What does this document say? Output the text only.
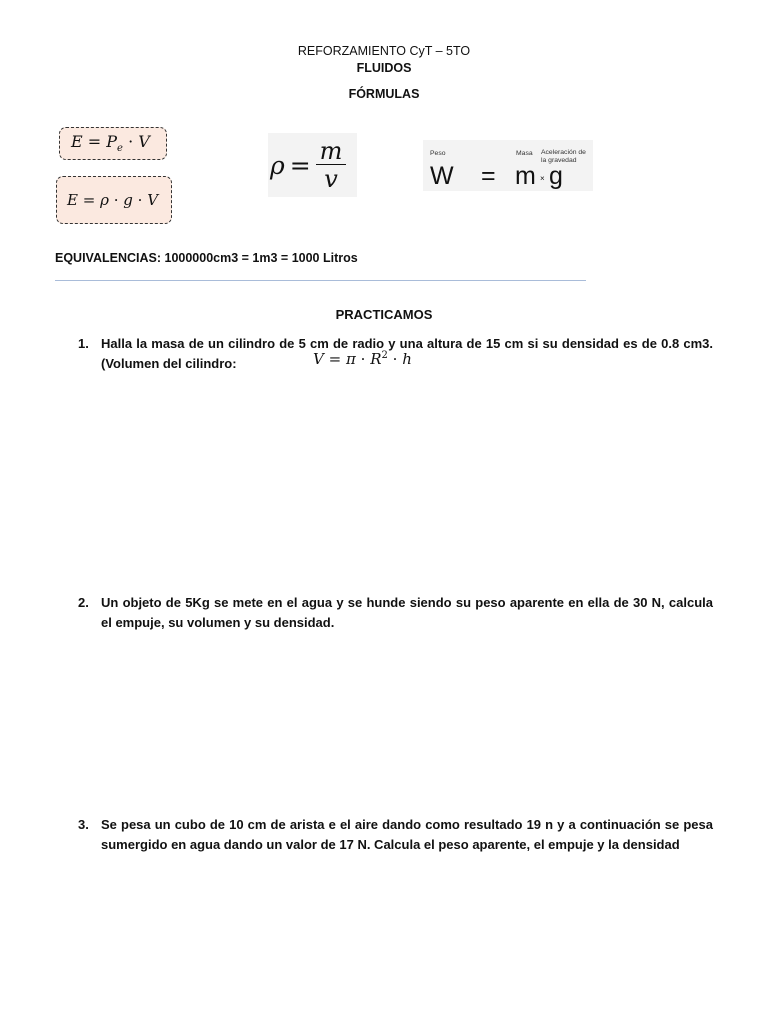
REFORZAMIENTO CyT – 5TO
FLUIDOS
FÓRMULAS
$E = P_e \cdot V$
E = ρ · g · V
$\rho = \frac{m}{v}$	Peso	Masa Aceleración de la gravedad
W = m × g
EQUIVALENCIAS: 1000000cm3 = 1m3 = 1000 Litros
PRACTICAMOS
1. Halla la masa de un cilindro de 5 cm de radio y una altura de 15 cm si su densidad es de 0.8 cm3. (Volumen del cilindro:	$V = \pi \cdot R^2 \cdot h$
2. Un objeto de 5Kg se mete en el agua y se hunde siendo su peso aparente en ella de 30 N, calcula el empuje, su volumen y su densidad.
3. Se pesa un cubo de 10 cm de arista e el aire dando como resultado 19 n y a continuación se pesa sumergido en agua dando un valor de 17 N. Calcula el peso aparente, el empuje y la densidad
